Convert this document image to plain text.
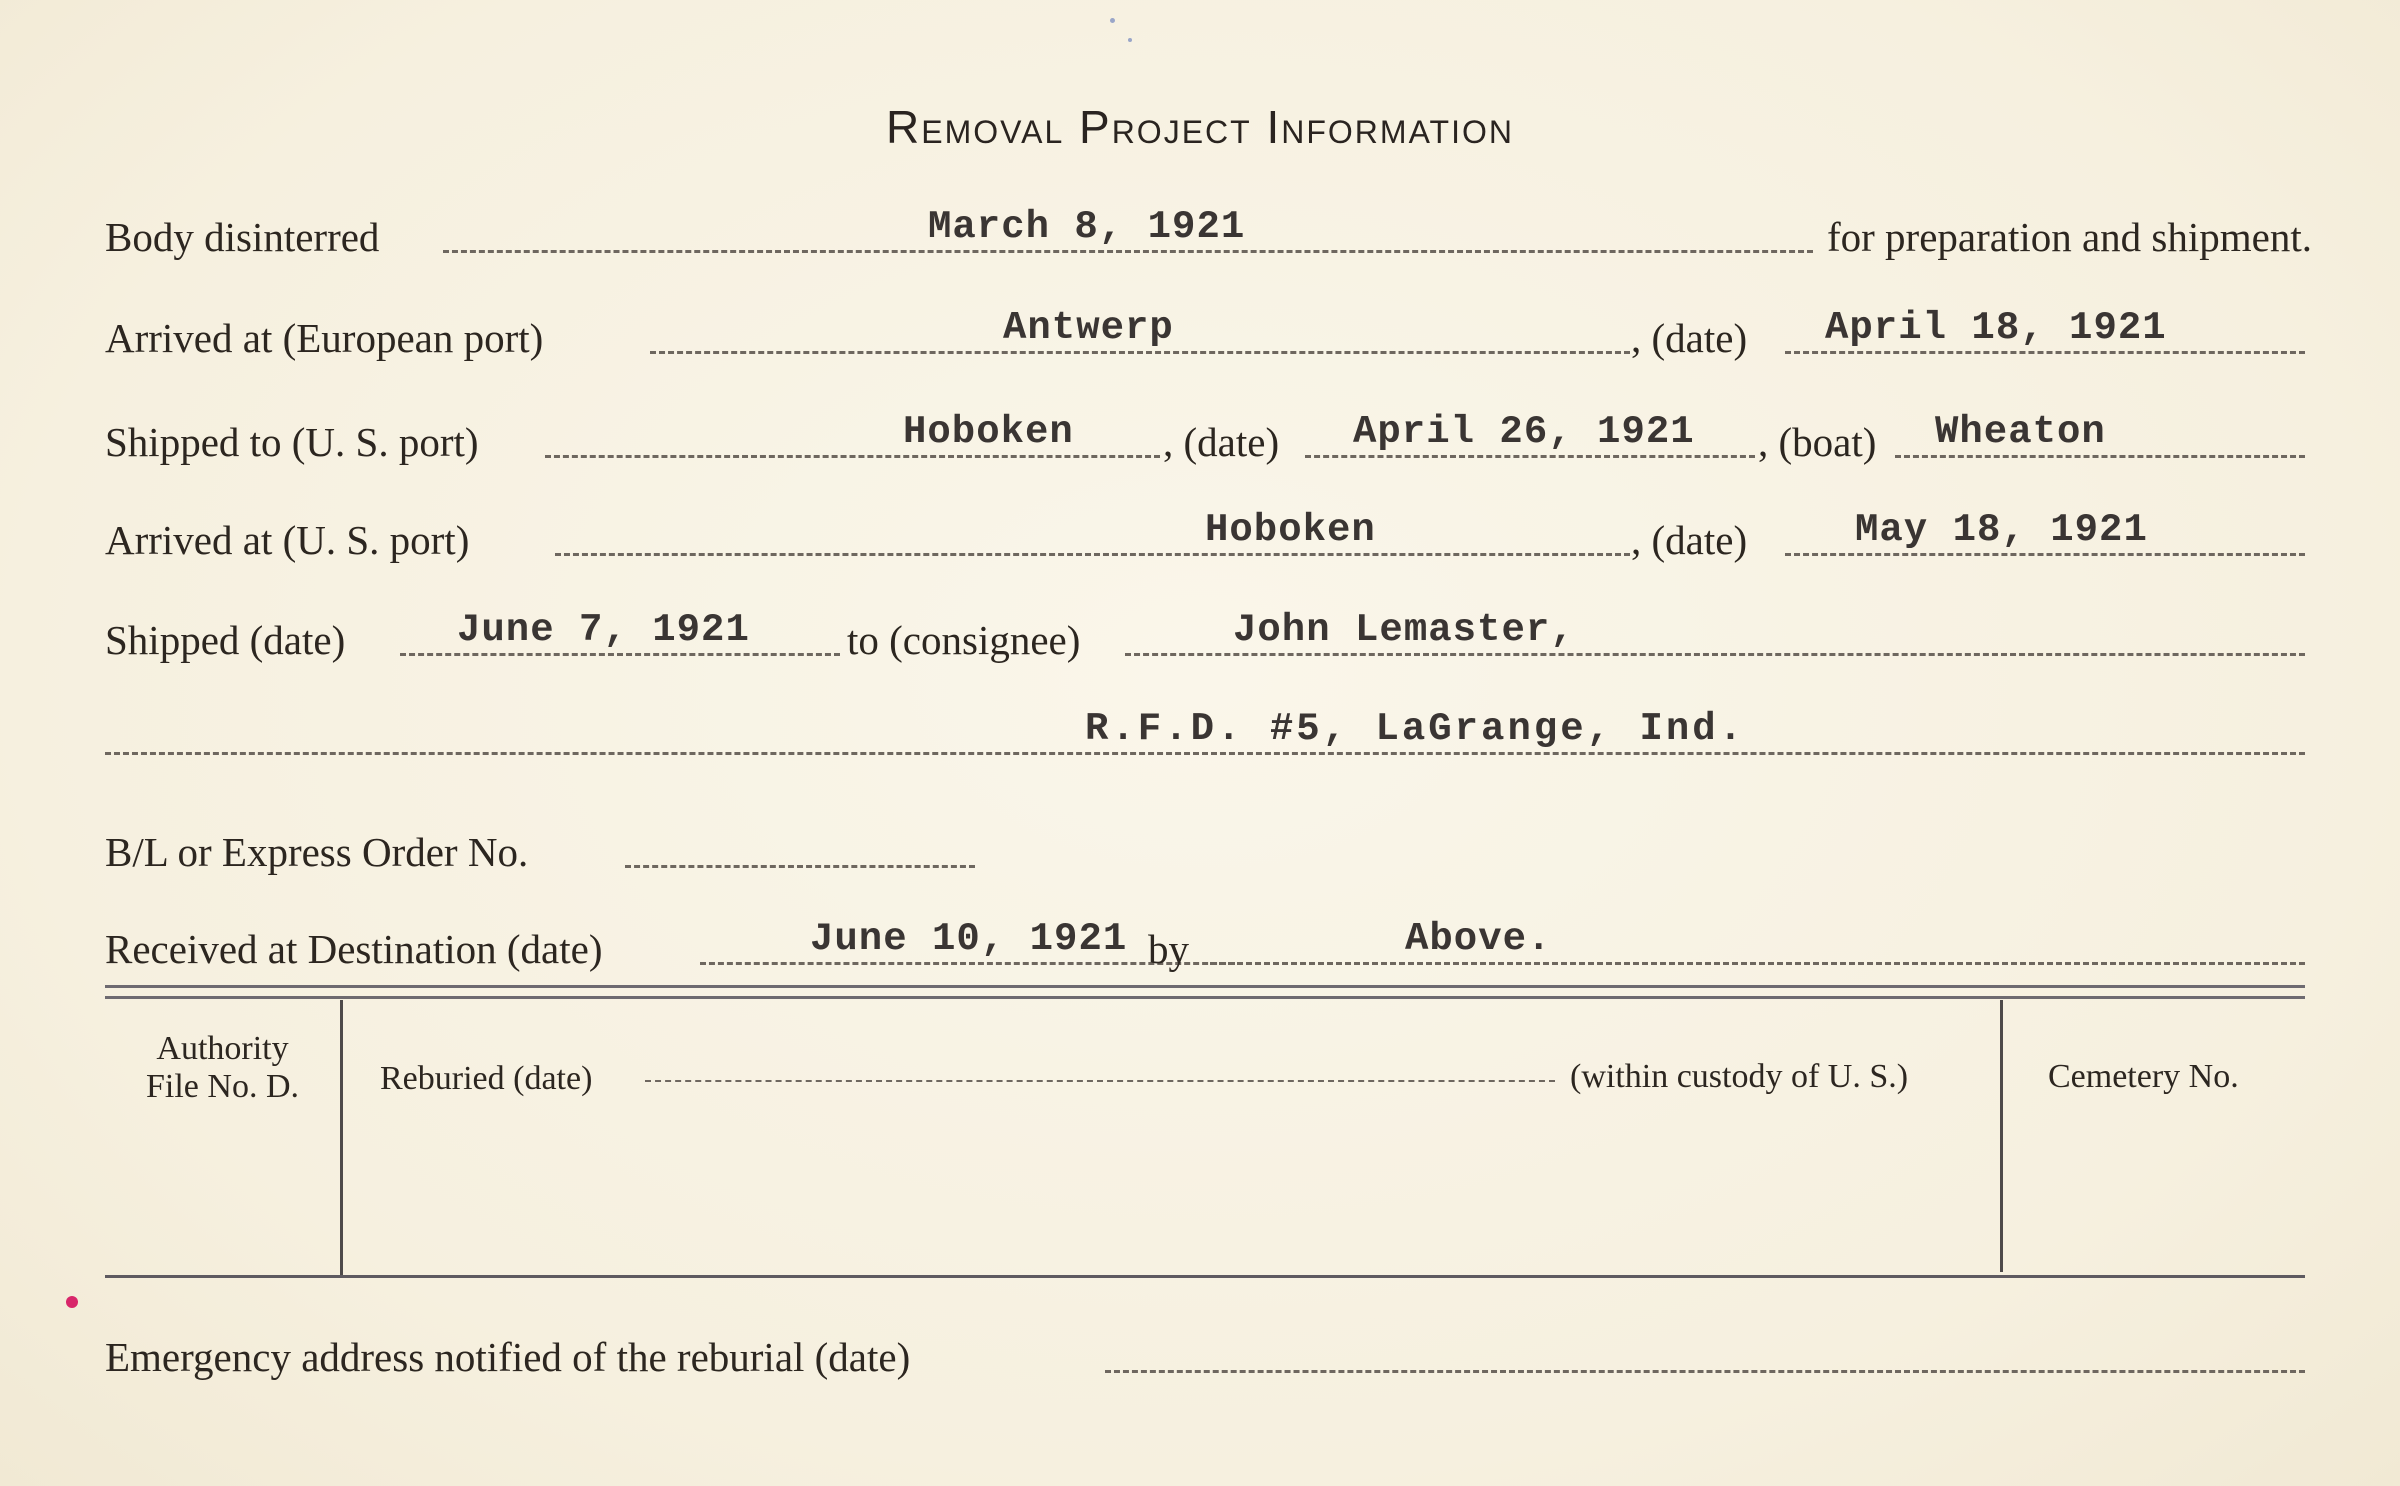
Removal Project Information
Body disinterred	March 8, 1921	for preparation and shipment.
Arrived at (European port)	Antwerp	, (date) April 18, 1921
Shipped to (U. S. port)	Hoboken , (date) April 26, 1921 , (boat) Wheaton
Arrived at (U. S. port)	Hoboken	, (date)	May 18, 1921
Shipped (date)	June 7, 1921 to (consignee)	John Lemaster,
R.F.D. #5, LaGrange, Ind.
B/L or Express Order No.
Received at Destination (date)	June 10, 1921 by	Above.
Authority
File No. D.	Reburied (date)	(within custody of U. S.)	Cemetery No.
Emergency address notified of the reburial (date)
